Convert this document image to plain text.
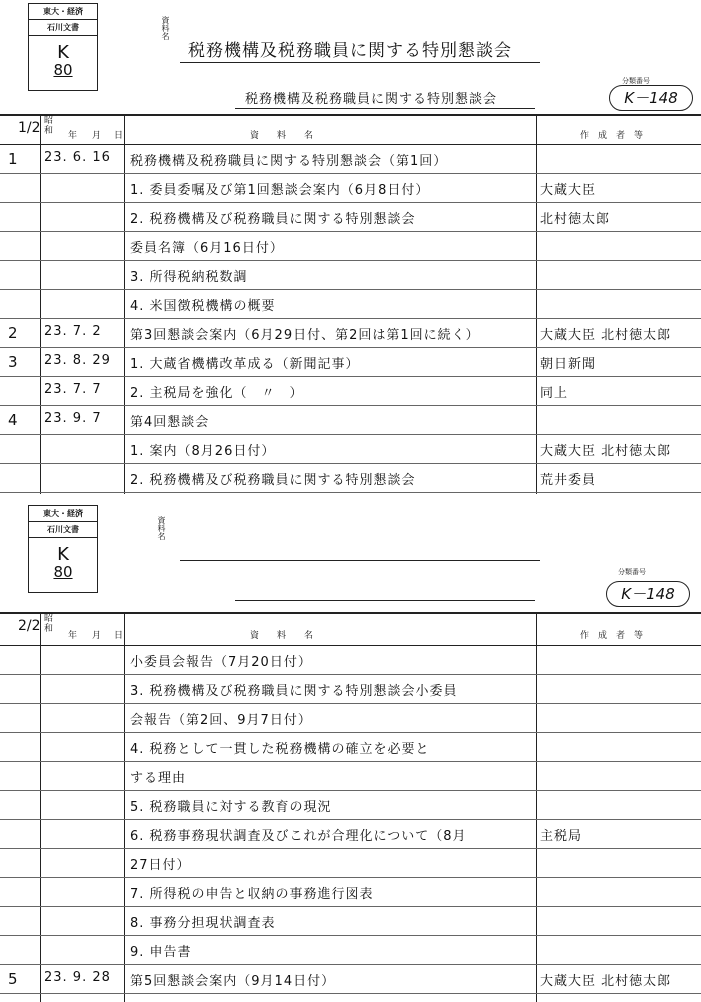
東大・経済
石川文書
K
80
資料名
税務機構及税務職員に関する特別懇談会
税務機構及税務職員に関する特別懇談会
分類番号
K－148
1/2 昭和 年 月 日	資　　料　　名	作　成　者　等
1	23. 6. 16	税務機構及税務職員に関する特別懇談会（第1回）
1. 委員委嘱及び第1回懇談会案内（6月8日付）	大蔵大臣
2. 税務機構及び税務職員に関する特別懇談会	北村徳太郎
委員名簿（6月16日付）
3. 所得税納税数調
4. 米国徴税機構の概要
2	23. 7. 2	第3回懇談会案内（6月29日付、第2回は第1回に続く）	大蔵大臣 北村徳太郎
3	23. 8. 29	1. 大蔵省機構改革成る（新聞記事）	朝日新聞
23. 7. 7	2. 主税局を強化（　〃　）	同上
4	23. 9. 7	第4回懇談会
1. 案内（8月26日付）	大蔵大臣 北村徳太郎
2. 税務機構及び税務職員に関する特別懇談会	荒井委員
東大・経済
石川文書
K
80
資料名
分類番号
K－148
2/2 昭和
年 月 日	資　　料　　名	作　成　者　等
小委員会報告（7月20日付）
3. 税務機構及び税務職員に関する特別懇談会小委員
会報告（第2回、9月7日付）
4. 税務として一貫した税務機構の確立を必要と
する理由
5. 税務職員に対する教育の現況
6. 税務事務現状調査及びこれが合理化について（8月	主税局
27日付）
7. 所得税の申告と収納の事務進行図表
8. 事務分担現状調査表
9. 申告書
5	23. 9. 28	第5回懇談会案内（9月14日付）	大蔵大臣 北村徳太郎
